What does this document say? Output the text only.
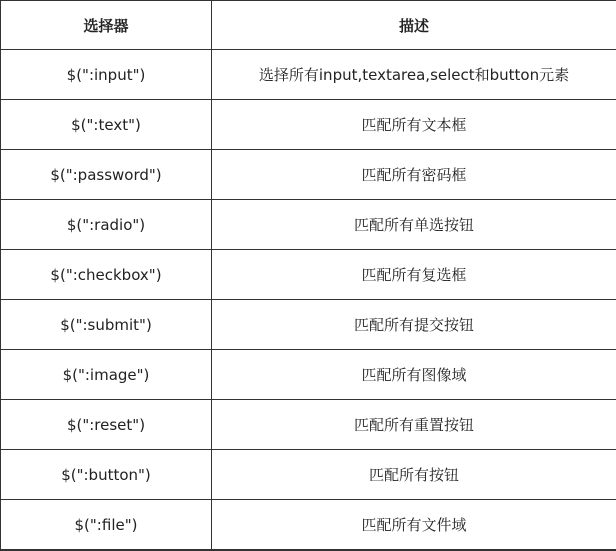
选择器	描述
$(":input")	选择所有input,textarea,select和button元素
$(":text")	匹配所有文本框
$(":password")	匹配所有密码框
$(":radio")	匹配所有单选按钮
$(":checkbox")	匹配所有复选框
$(":submit")	匹配所有提交按钮
$(":image")	匹配所有图像域
$(":reset")	匹配所有重置按钮
$(":button")	匹配所有按钮
$(":file")	匹配所有文件域
